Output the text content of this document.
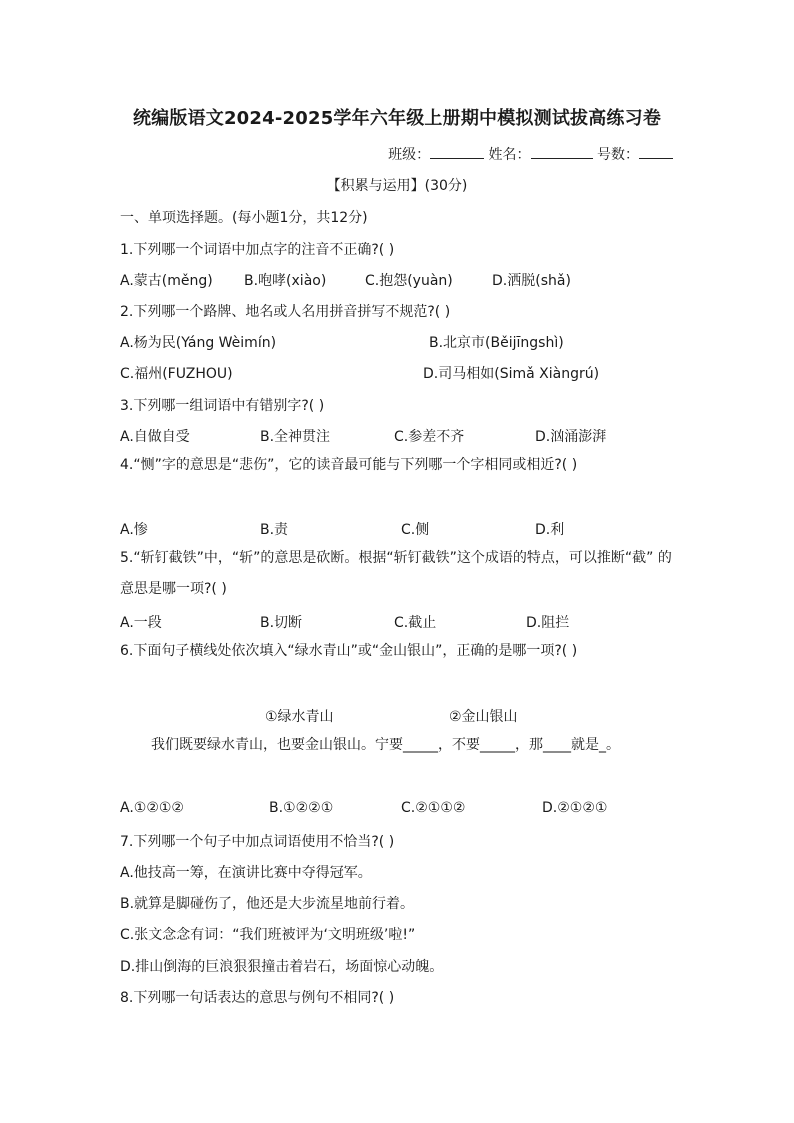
统编版语文2024-2025学年六年级上册期中模拟测试拔高练习卷
班级：	姓名：	号数：
【积累与运用】(30分)
一、单项选择题。(每小题1分，共12分)
1.下列哪一个词语中加点字的注音不正确?( )
A.蒙古(měng) B.咆哮(xiào)	C.抱怨(yuàn)	D.洒脱(shǎ)
2.下列哪一个路牌、地名或人名用拼音拼写不规范?( )
A.杨为民(Yáng Wèimín)	B.北京市(Běijīngshì)
C.福州(FUZHOU)	D.司马相如(Simǎ Xiàngrú)
3.下列哪一组词语中有错别字?( )
A.自做自受	B.全神贯注	C.参差不齐	D.汹涌澎湃
4.“恻”字的意思是“悲伤”，它的读音最可能与下列哪一个字相同或相近?( )
A.惨	B.责	C.侧	D.利
5.“斩钉截铁”中，“斩”的意思是砍断。根据“斩钉截铁”这个成语的特点，可以推断“截” 的意思是哪一项?( )
A.一段	B.切断	C.截止	D.阻拦
6.下面句子横线处依次填入“绿水青山”或“金山银山”，正确的是哪一项?( )
①绿水青山	②金山银山
我们既要绿水青山，也要金山银山。宁要_____，不要_____，那____就是_。
A.①②①②	B.①②②①	C.②①①②	D.②①②①
7.下列哪一个句子中加点词语使用不恰当?( )
A.他技高一筹，在演讲比赛中夺得冠军。
B.就算是脚碰伤了，他还是大步流星地前行着。
C.张文念念有词：“我们班被评为‘文明班级’啦!”
D.排山倒海的巨浪狠狠撞击着岩石，场面惊心动魄。
8.下列哪一句话表达的意思与例句不相同?( )
